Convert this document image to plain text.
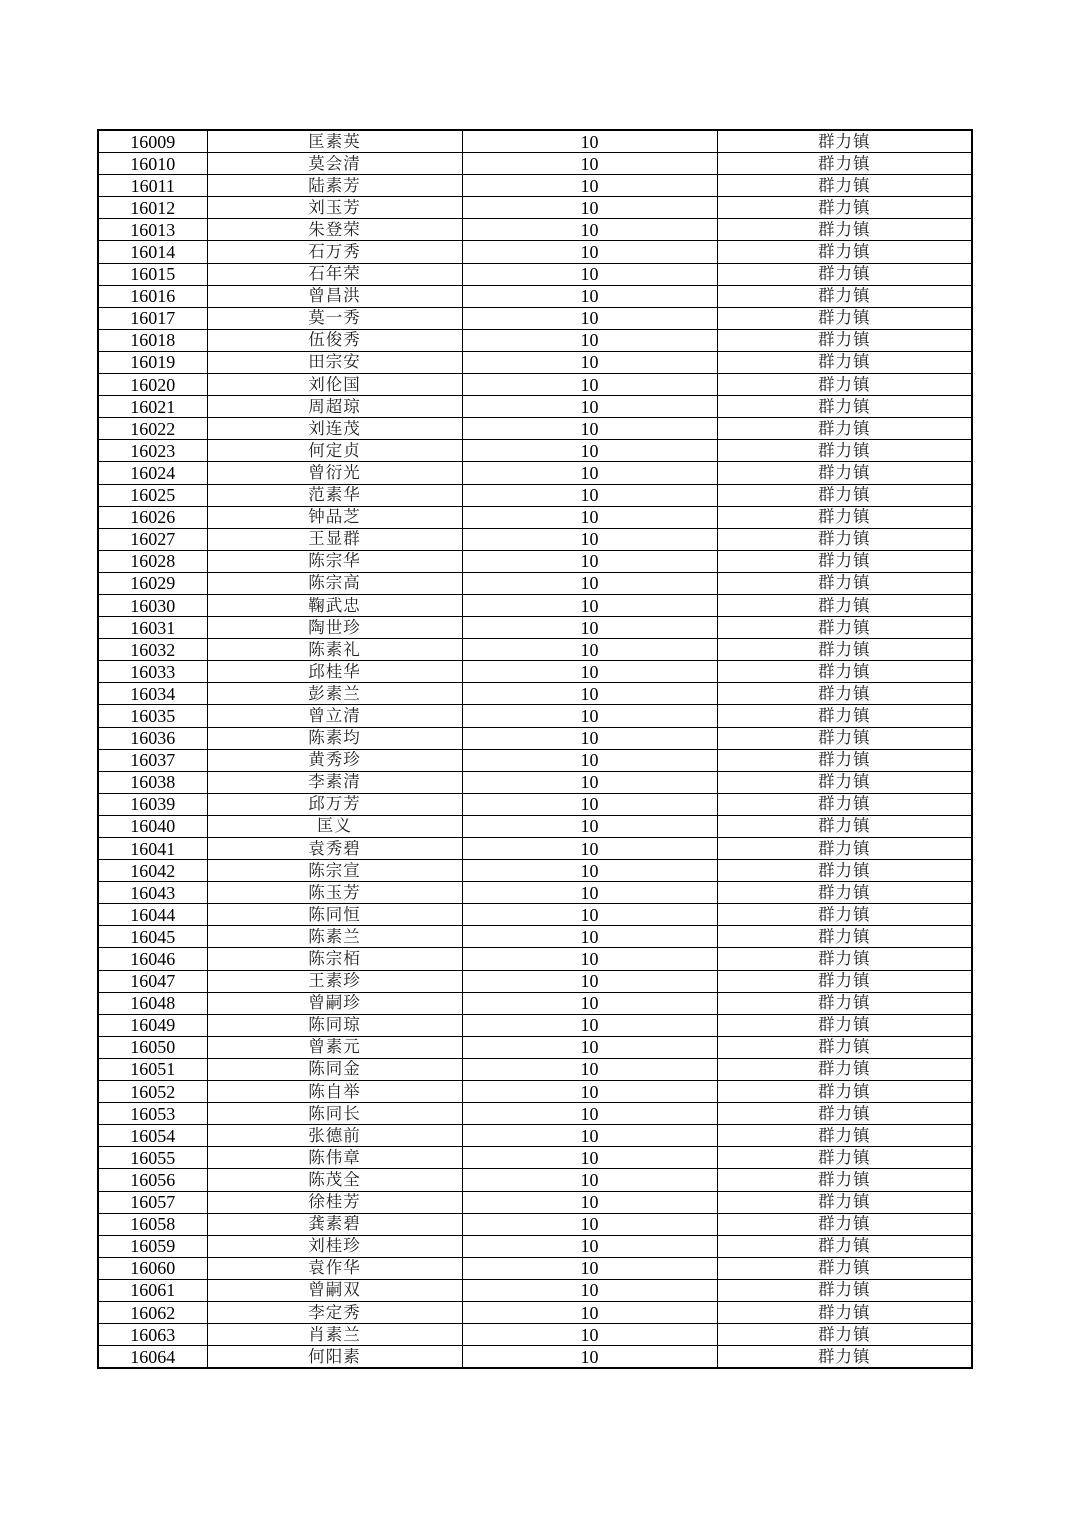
16009	匡素英	10	群力镇
16010	莫会清	10	群力镇
16011	陆素芳	10	群力镇
16012	刘玉芳	10	群力镇
16013	朱登荣	10	群力镇
16014	石万秀	10	群力镇
16015	石年荣	10	群力镇
16016	曾昌洪	10	群力镇
16017	莫一秀	10	群力镇
16018	伍俊秀	10	群力镇
16019	田宗安	10	群力镇
16020	刘伦国	10	群力镇
16021	周超琼	10	群力镇
16022	刘连茂	10	群力镇
16023	何定贞	10	群力镇
16024	曾衍光	10	群力镇
16025	范素华	10	群力镇
16026	钟品芝	10	群力镇
16027	王显群	10	群力镇
16028	陈宗华	10	群力镇
16029	陈宗高	10	群力镇
16030	鞠武忠	10	群力镇
16031	陶世珍	10	群力镇
16032	陈素礼	10	群力镇
16033	邱桂华	10	群力镇
16034	彭素兰	10	群力镇
16035	曾立清	10	群力镇
16036	陈素均	10	群力镇
16037	黄秀珍	10	群力镇
16038	李素清	10	群力镇
16039	邱万芳	10	群力镇
16040	匡义	10	群力镇
16041	袁秀碧	10	群力镇
16042	陈宗宣	10	群力镇
16043	陈玉芳	10	群力镇
16044	陈同恒	10	群力镇
16045	陈素兰	10	群力镇
16046	陈宗栢	10	群力镇
16047	王素珍	10	群力镇
16048	曾嗣珍	10	群力镇
16049	陈同琼	10	群力镇
16050	曾素元	10	群力镇
16051	陈同金	10	群力镇
16052	陈自举	10	群力镇
16053	陈同长	10	群力镇
16054	张德前	10	群力镇
16055	陈伟章	10	群力镇
16056	陈茂全	10	群力镇
16057	徐桂芳	10	群力镇
16058	龚素碧	10	群力镇
16059	刘桂珍	10	群力镇
16060	袁作华	10	群力镇
16061	曾嗣双	10	群力镇
16062	李定秀	10	群力镇
16063	肖素兰	10	群力镇
16064	何阳素	10	群力镇
